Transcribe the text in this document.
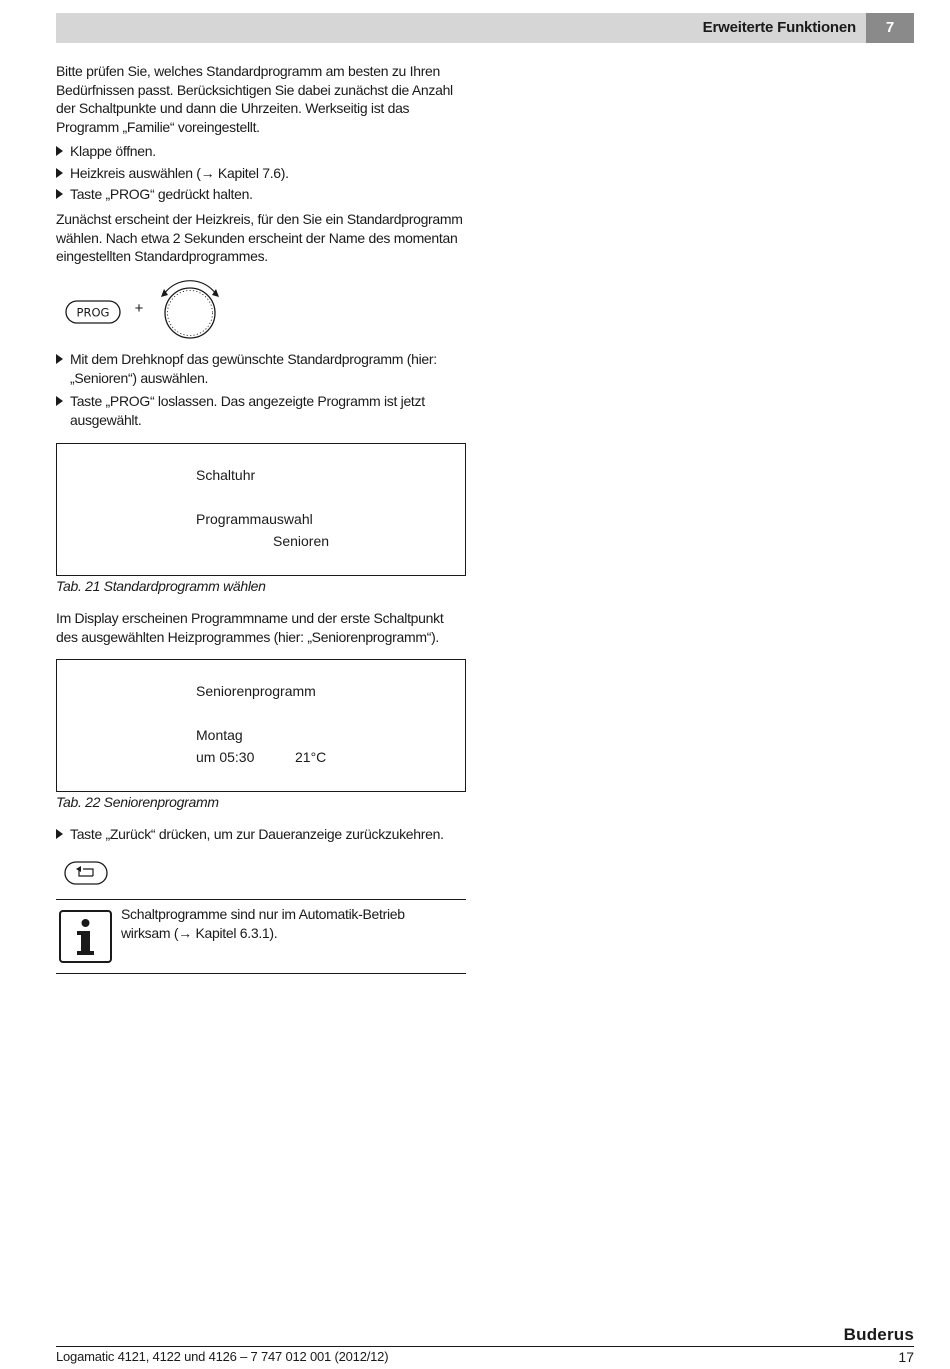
Erweiterte Funktionen	7

Bitte prüfen Sie, welches Standardprogramm am besten zu Ihren Bedürfnissen passt. Berücksichtigen Sie dabei zunächst die Anzahl der Schaltpunkte und dann die Uhrzeiten. Werkseitig ist das Programm „Familie“ voreingestellt.

Klappe öffnen.

Heizkreis auswählen (→ Kapitel 7.6).

Taste „PROG“ gedrückt halten.

Zunächst erscheint der Heizkreis, für den Sie ein Standardprogramm wählen. Nach etwa 2 Sekunden erscheint der Name des momentan eingestellten Standardprogrammes.

PROG +

Mit dem Drehknopf das gewünschte Standardprogramm (hier: „Senioren“) auswählen.

Taste „PROG“ loslassen. Das angezeigte Programm ist jetzt ausgewählt.

Schaltuhr
Programmauswahl
Senioren
Tab. 21 Standardprogramm wählen

Im Display erscheinen Programmname und der erste Schaltpunkt des ausgewählten Heizprogrammes (hier: „Seniorenprogramm“).

Seniorenprogramm
Montag
um 05:30	21°C
Tab. 22 Seniorenprogramm

Taste „Zurück“ drücken, um zur Daueranzeige zurückzukehren.

Schaltprogramme sind nur im Automatik-Betrieb wirksam (→ Kapitel 6.3.1).
Buderus
Logamatic 4121, 4122 und 4126 – 7 747 012 001 (2012/12)	17
